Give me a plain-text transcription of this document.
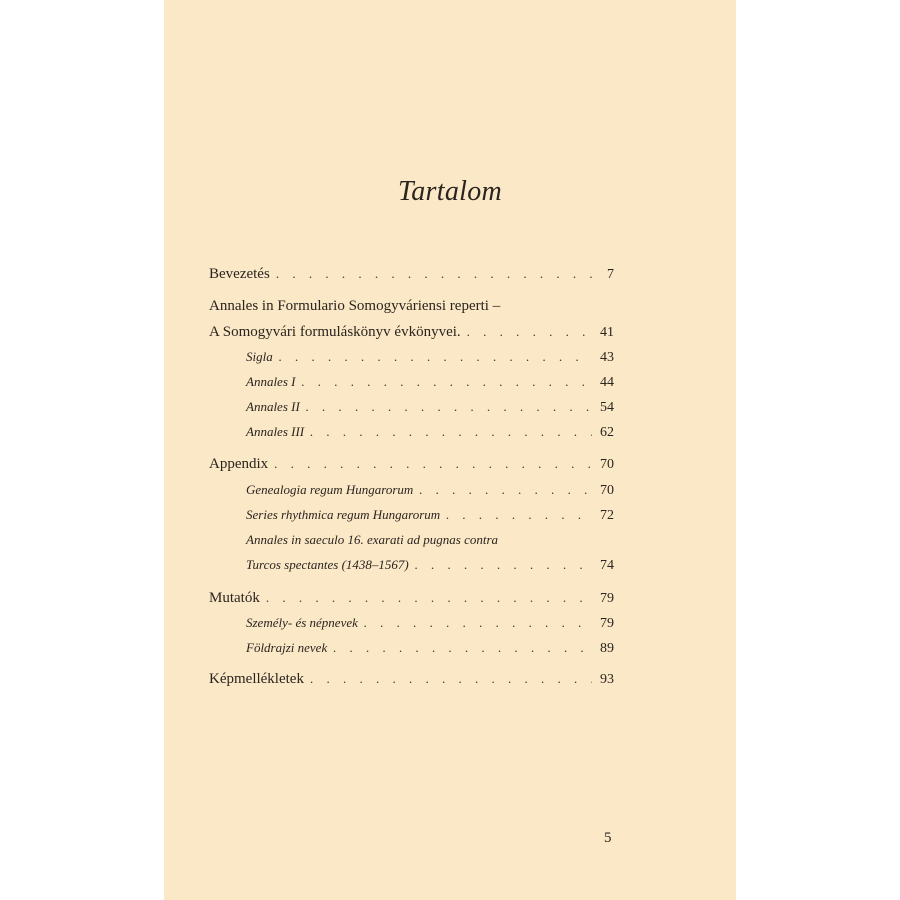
Tartalom
Bevezetés . . .	7
Annales in Formulario Somogyváriensi reperti –
A Somogyvári formuláskönyv évkönyvei. . . .	41
Sigla . . .	43
Annales I . . .	44
Annales II . . .	54
Annales III . . .	62
Appendix . . .	70
Genealogia regum Hungarorum . . .	70
Series rhythmica regum Hungarorum . . .	72
Annales in saeculo 16. exarati ad pugnas contra
Turcos spectantes (1438–1567) . . .	74
Mutatók . . .	79
Személy- és népnevek . . .	79
Földrajzi nevek . . .	89
Képmellékletek . . .	93
5
